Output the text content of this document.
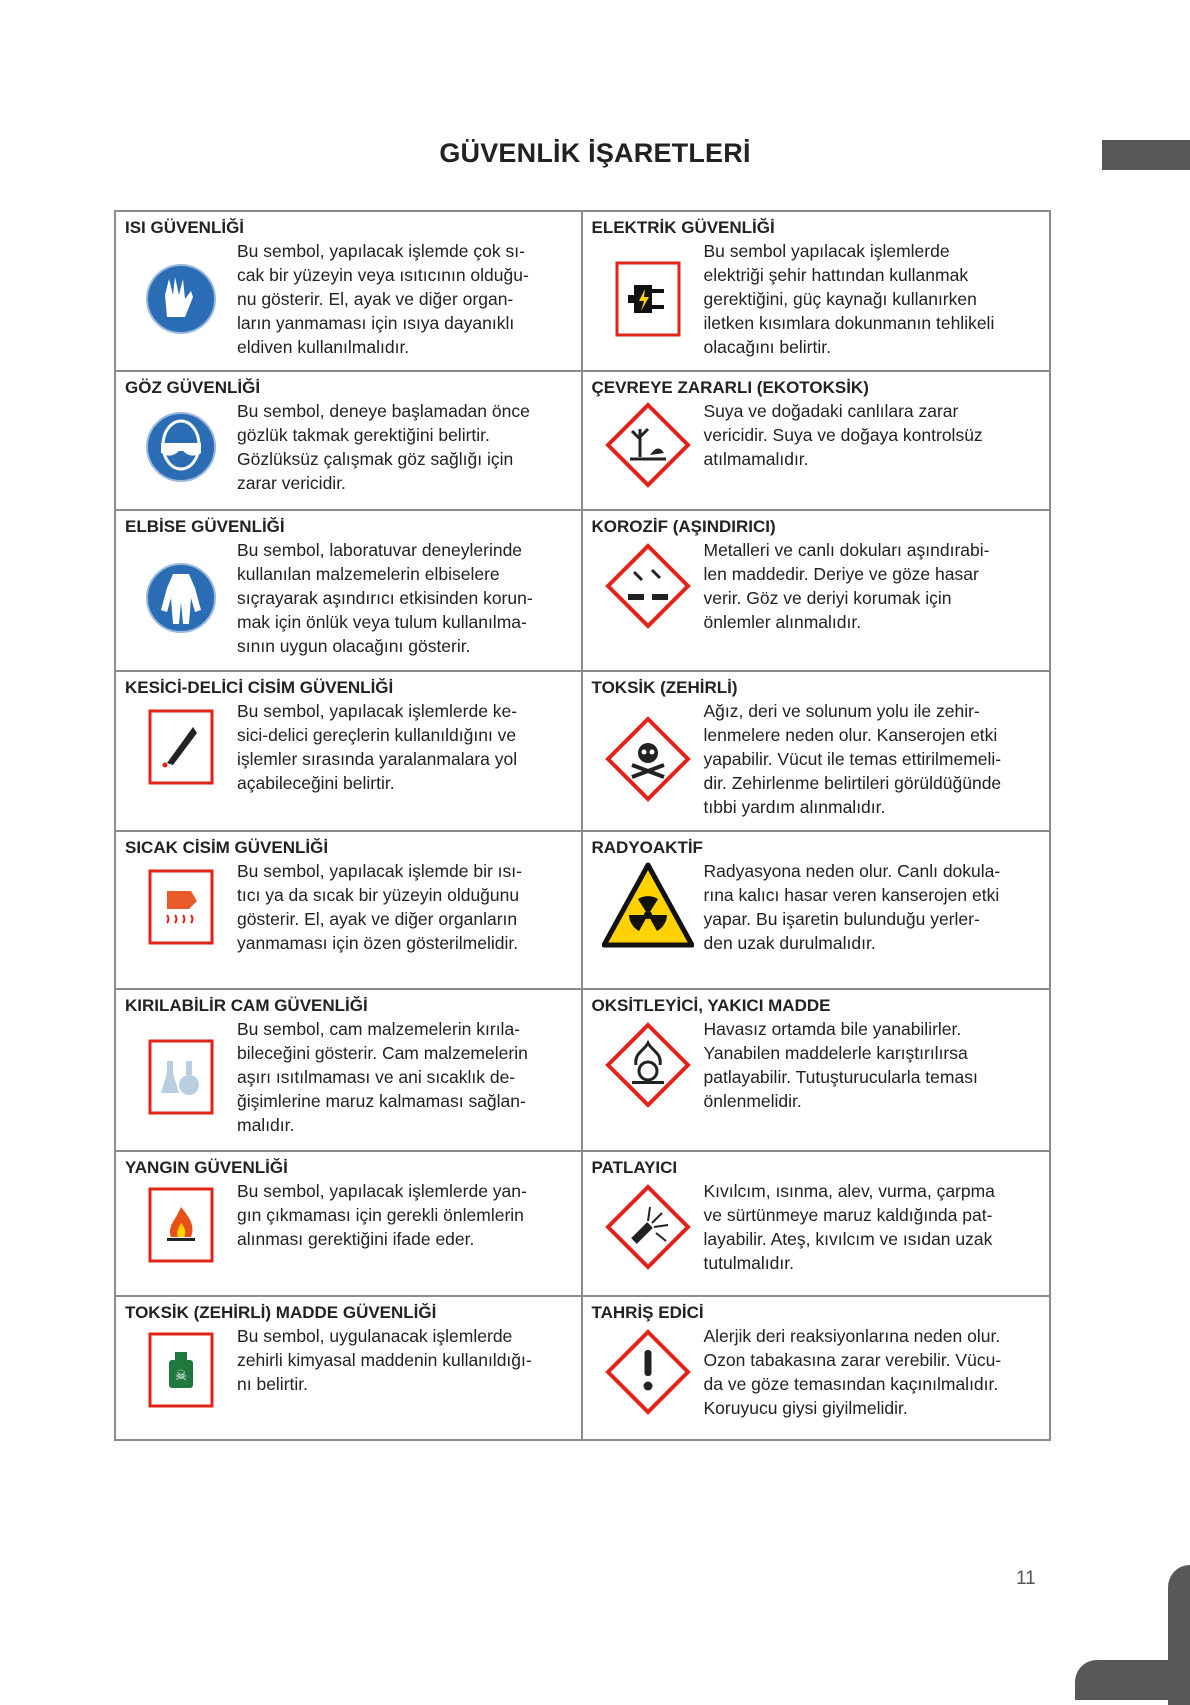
GÜVENLİK İŞARETLERİ
ISI GÜVENLİĞİ
Bu sembol, yapılacak işlemde çok sı-
cak bir yüzeyin veya ısıtıcının olduğu-
nu gösterir. El, ayak ve diğer organ-
ların yanmaması için ısıya dayanıklı
eldiven kullanılmalıdır.
ELEKTRİK GÜVENLİĞİ
Bu sembol yapılacak işlemlerde
elektriği şehir hattından kullanmak
gerektiğini, güç kaynağı kullanırken
iletken kısımlara dokunmanın tehlikeli
olacağını belirtir.
GÖZ GÜVENLİĞİ
Bu sembol, deneye başlamadan önce
gözlük takmak gerektiğini belirtir.
Gözlüksüz çalışmak göz sağlığı için
zarar vericidir.
ÇEVREYE ZARARLI (EKOTOKSİK)
Suya ve doğadaki canlılara zarar
vericidir. Suya ve doğaya kontrolsüz
atılmamalıdır.
ELBİSE GÜVENLİĞİ
Bu sembol, laboratuvar deneylerinde
kullanılan malzemelerin elbiselere
sıçrayarak aşındırıcı etkisinden korun-
mak için önlük veya tulum kullanılma-
sının uygun olacağını gösterir.
KOROZİF (AŞINDIRICI)
Metalleri ve canlı dokuları aşındırabi-
len maddedir. Deriye ve göze hasar
verir. Göz ve deriyi korumak için
önlemler alınmalıdır.
KESİCİ-DELİCİ CİSİM GÜVENLİĞİ
Bu sembol, yapılacak işlemlerde ke-
sici-delici gereçlerin kullanıldığını ve
işlemler sırasında yaralanmalara yol
açabileceğini belirtir.
TOKSİK (ZEHİRLİ)
Ağız, deri ve solunum yolu ile zehir-
lenmelere neden olur. Kanserojen etki
yapabilir. Vücut ile temas ettirilmemeli-
dir. Zehirlenme belirtileri görüldüğünde
tıbbi yardım alınmalıdır.
SICAK CİSİM GÜVENLİĞİ
Bu sembol, yapılacak işlemde bir ısı-
tıcı ya da sıcak bir yüzeyin olduğunu
gösterir. El, ayak ve diğer organların
yanmaması için özen gösterilmelidir.
RADYOAKTİF
Radyasyona neden olur. Canlı dokula-
rına kalıcı hasar veren kanserojen etki
yapar. Bu işaretin bulunduğu yerler-
den uzak durulmalıdır.
KIRILABİLİR CAM GÜVENLİĞİ
Bu sembol, cam malzemelerin kırıla-
bileceğini gösterir. Cam malzemelerin
aşırı ısıtılmaması ve ani sıcaklık de-
ğişimlerine maruz kalmaması sağlan-
malıdır.
OKSİTLEYİCİ, YAKICI MADDE
Havasız ortamda bile yanabilirler.
Yanabilen maddelerle karıştırılırsa
patlayabilir. Tutuşturucularla teması
önlenmelidir.
YANGIN GÜVENLİĞİ
Bu sembol, yapılacak işlemlerde yan-
gın çıkmaması için gerekli önlemlerin
alınması gerektiğini ifade eder.
PATLAYICI
Kıvılcım, ısınma, alev, vurma, çarpma
ve sürtünmeye maruz kaldığında pat-
layabilir. Ateş, kıvılcım ve ısıdan uzak
tutulmalıdır.
TOKSİK (ZEHİRLİ) MADDE GÜVENLİĞİ
☠
Bu sembol, uygulanacak işlemlerde
zehirli kimyasal maddenin kullanıldığı-
nı belirtir.
TAHRİŞ EDİCİ
Alerjik deri reaksiyonlarına neden olur.
Ozon tabakasına zarar verebilir. Vücu-
da ve göze temasından kaçınılmalıdır.
Koruyucu giysi giyilmelidir.
11
